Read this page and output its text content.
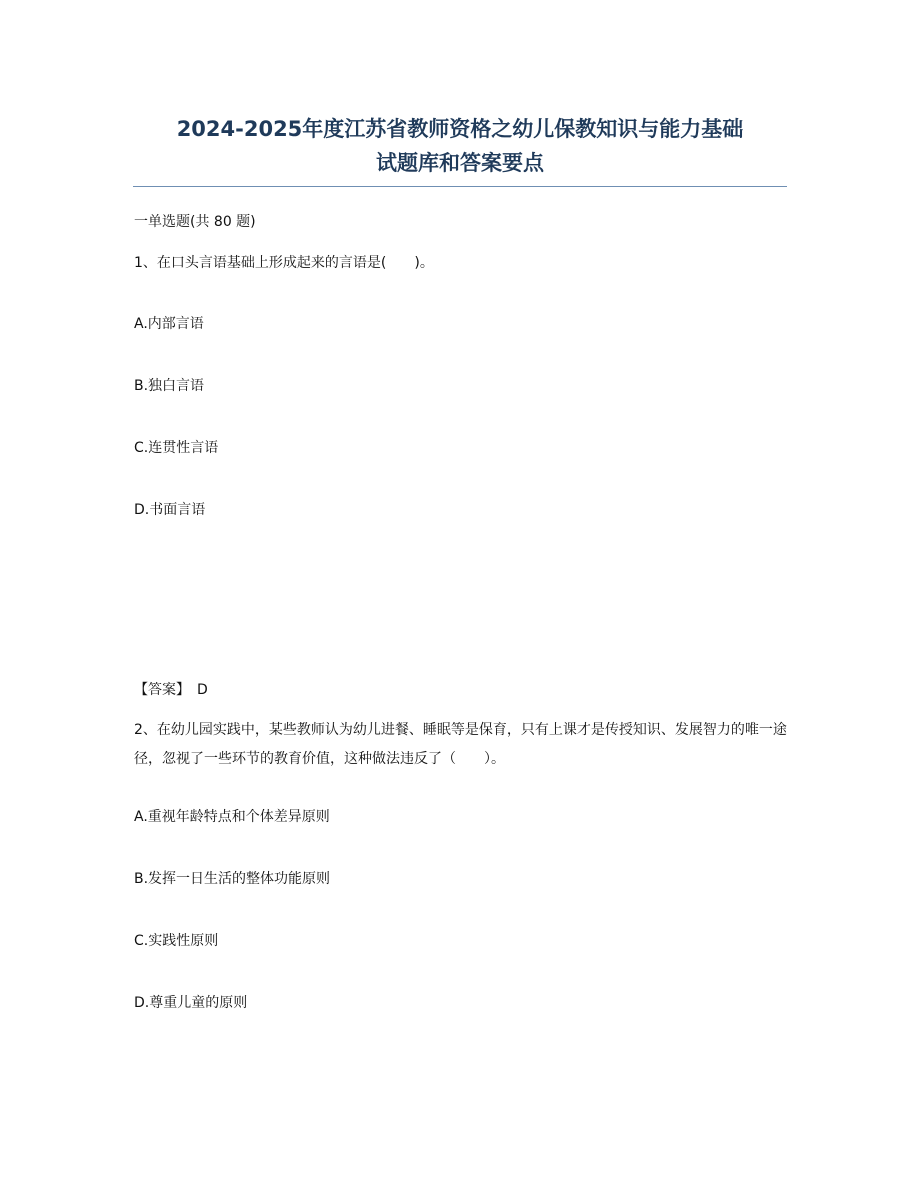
2024-2025年度江苏省教师资格之幼儿保教知识与能力基础
试题库和答案要点
一单选题(共 80 题)
1、在口头言语基础上形成起来的言语是(　　)。
A.内部言语
B.独白言语
C.连贯性言语
D.书面言语
【答案】　D
2、在幼儿园实践中，某些教师认为幼儿进餐、睡眠等是保育，只有上课才是传授知识、发展智力的唯一途径，忽视了一些环节的教育价值，这种做法违反了（　　）。
A.重视年龄特点和个体差异原则
B.发挥一日生活的整体功能原则
C.实践性原则
D.尊重儿童的原则
